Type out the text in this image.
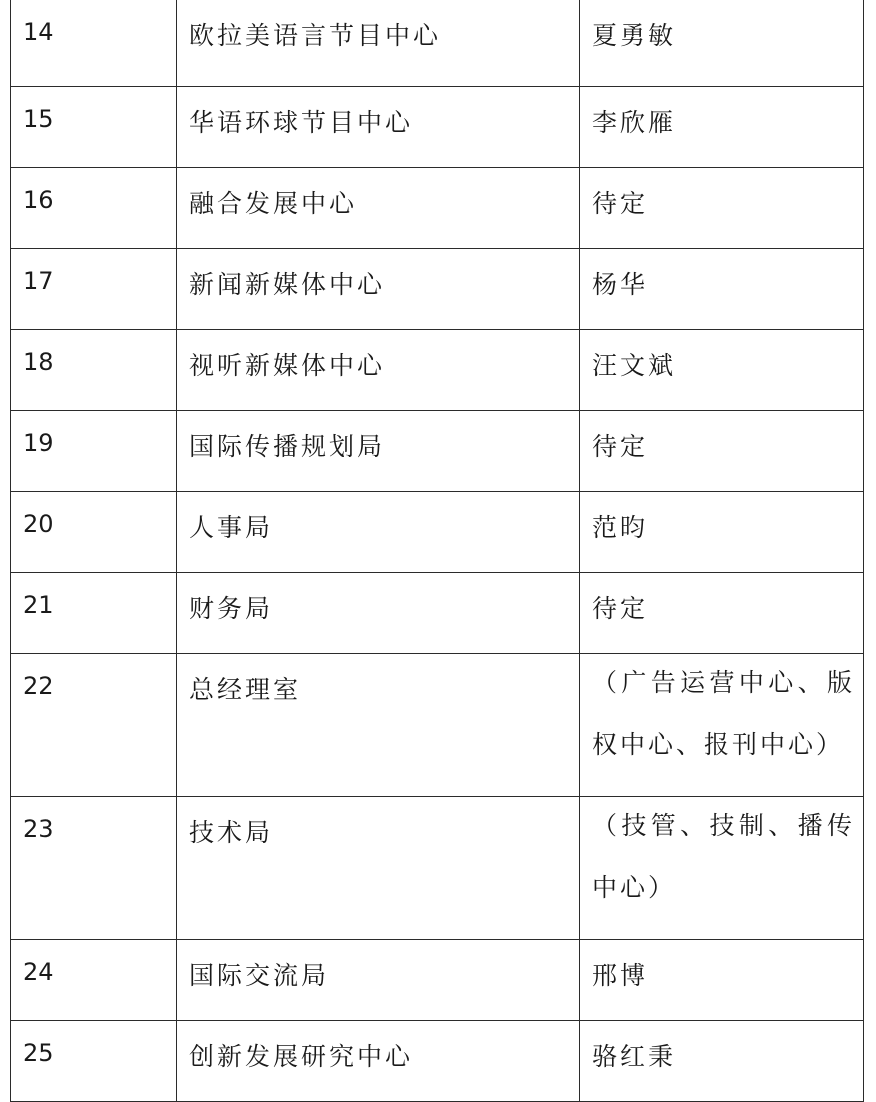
14	欧拉美语言节目中心	夏勇敏
15	华语环球节目中心	李欣雁
16	融合发展中心	待定
17	新闻新媒体中心	杨华
18	视听新媒体中心	汪文斌
19	国际传播规划局	待定
20	人事局	范昀
21	财务局	待定
22	总经理室	（广告运营中心、版权中心、报刊中心）

23	技术局	（技管、技制、播传中心）

24	国际交流局	邢博
25	创新发展研究中心	骆红秉
